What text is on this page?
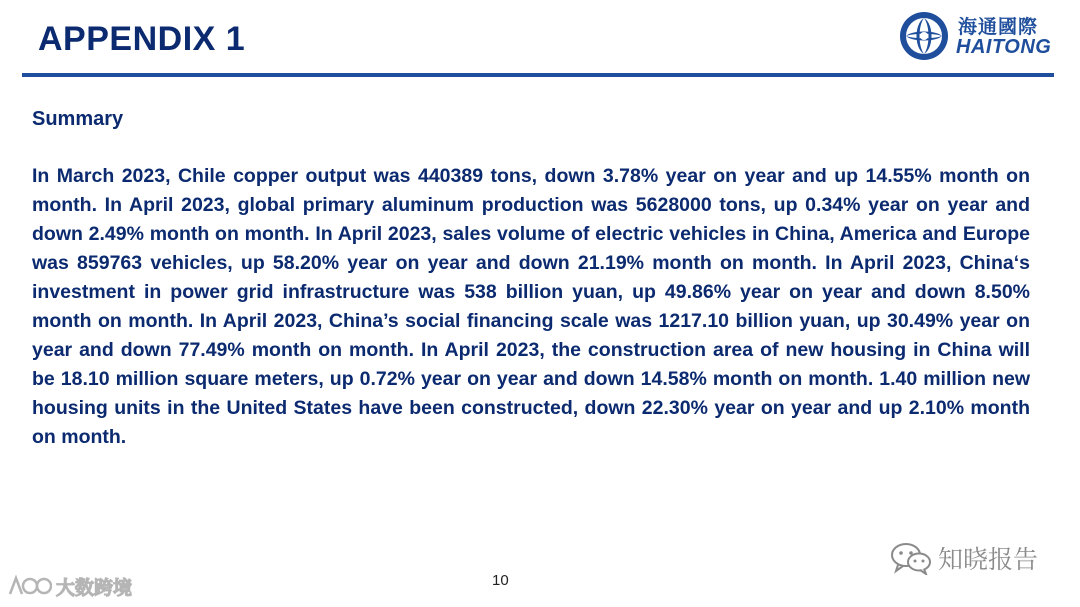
APPENDIX 1	海通國際
HAITONG
Summary
In March 2023, Chile copper output was 440389 tons, down 3.78% year on year and up 14.55% month on month. In April 2023, global primary aluminum production was 5628000 tons, up 0.34% year on year and down 2.49% month on month. In April 2023, sales volume of electric vehicles in China, America and Europe was 859763 vehicles, up 58.20% year on year and down 21.19% month on month. In April 2023, China‘s investment in power grid infrastructure was 538 billion yuan, up 49.86% year on year and down 8.50% month on month. In April 2023, China’s social financing scale was 1217.10 billion yuan, up 30.49% year on year and down 77.49% month on month. In April 2023, the construction area of new housing in China will be 18.10 million square meters, up 0.72% year on year and down 14.58% month on month. 1.40 million new housing units in the United States have been constructed, down 22.30% year on year and up 2.10% month on month.
10
知晓报告
大数跨境
